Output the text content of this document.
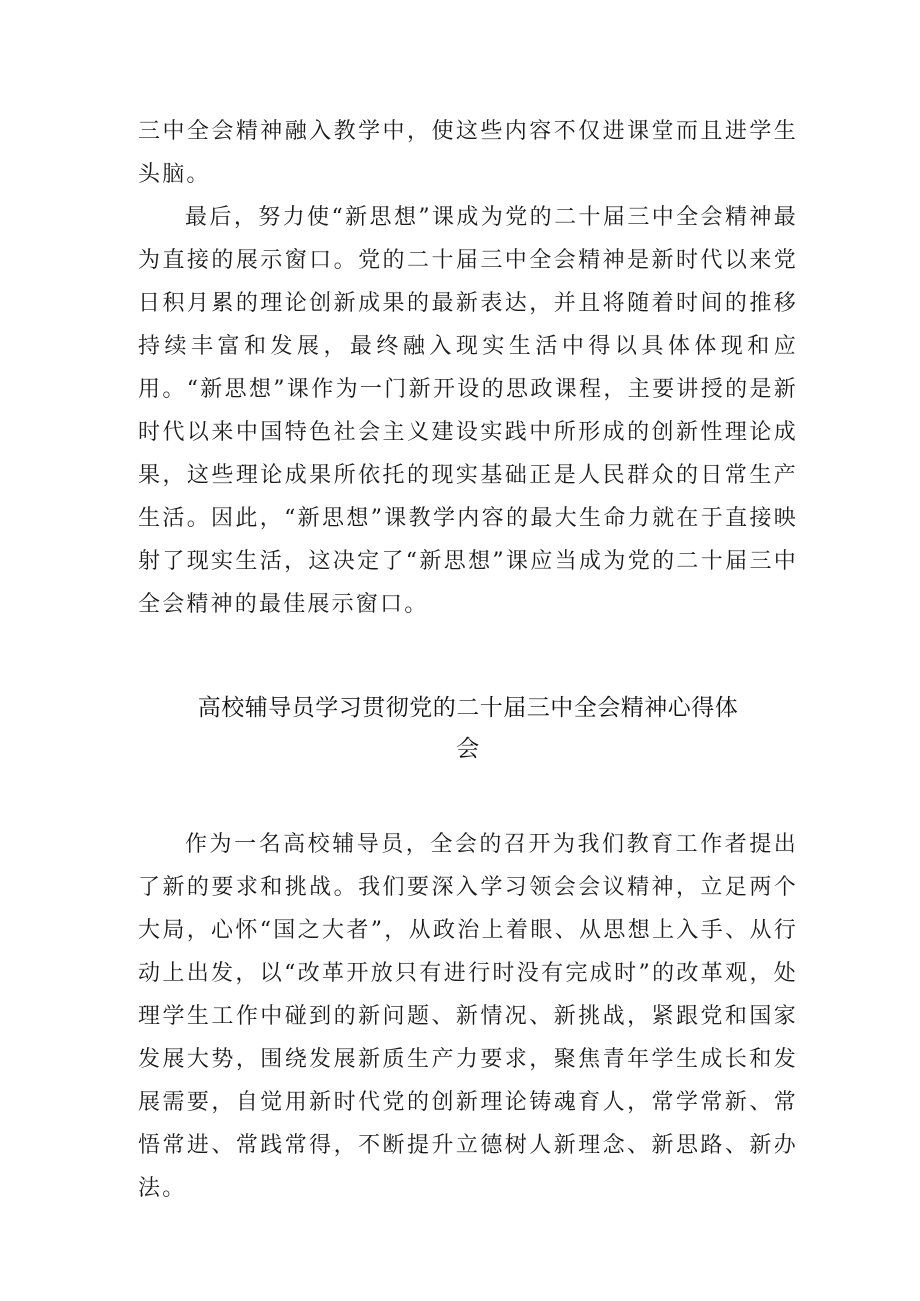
三中全会精神融入教学中，使这些内容不仅进课堂而且进学生头脑。

最后，努力使“新思想”课成为党的二十届三中全会精神最为直接的展示窗口。党的二十届三中全会精神是新时代以来党日积月累的理论创新成果的最新表达，并且将随着时间的推移持续丰富和发展，最终融入现实生活中得以具体体现和应用。“新思想”课作为一门新开设的思政课程，主要讲授的是新时代以来中国特色社会主义建设实践中所形成的创新性理论成果，这些理论成果所依托的现实基础正是人民群众的日常生产生活。因此，“新思想”课教学内容的最大生命力就在于直接映射了现实生活，这决定了“新思想”课应当成为党的二十届三中全会精神的最佳展示窗口。

高校辅导员学习贯彻党的二十届三中全会精神心得体
会

作为一名高校辅导员，全会的召开为我们教育工作者提出了新的要求和挑战。我们要深入学习领会会议精神，立足两个大局，心怀“国之大者”，从政治上着眼、从思想上入手、从行动上出发，以“改革开放只有进行时没有完成时”的改革观，处理学生工作中碰到的新问题、新情况、新挑战，紧跟党和国家发展大势，围绕发展新质生产力要求，聚焦青年学生成长和发展需要，自觉用新时代党的创新理论铸魂育人，常学常新、常悟常进、常践常得，不断提升立德树人新理念、新思路、新办法。
